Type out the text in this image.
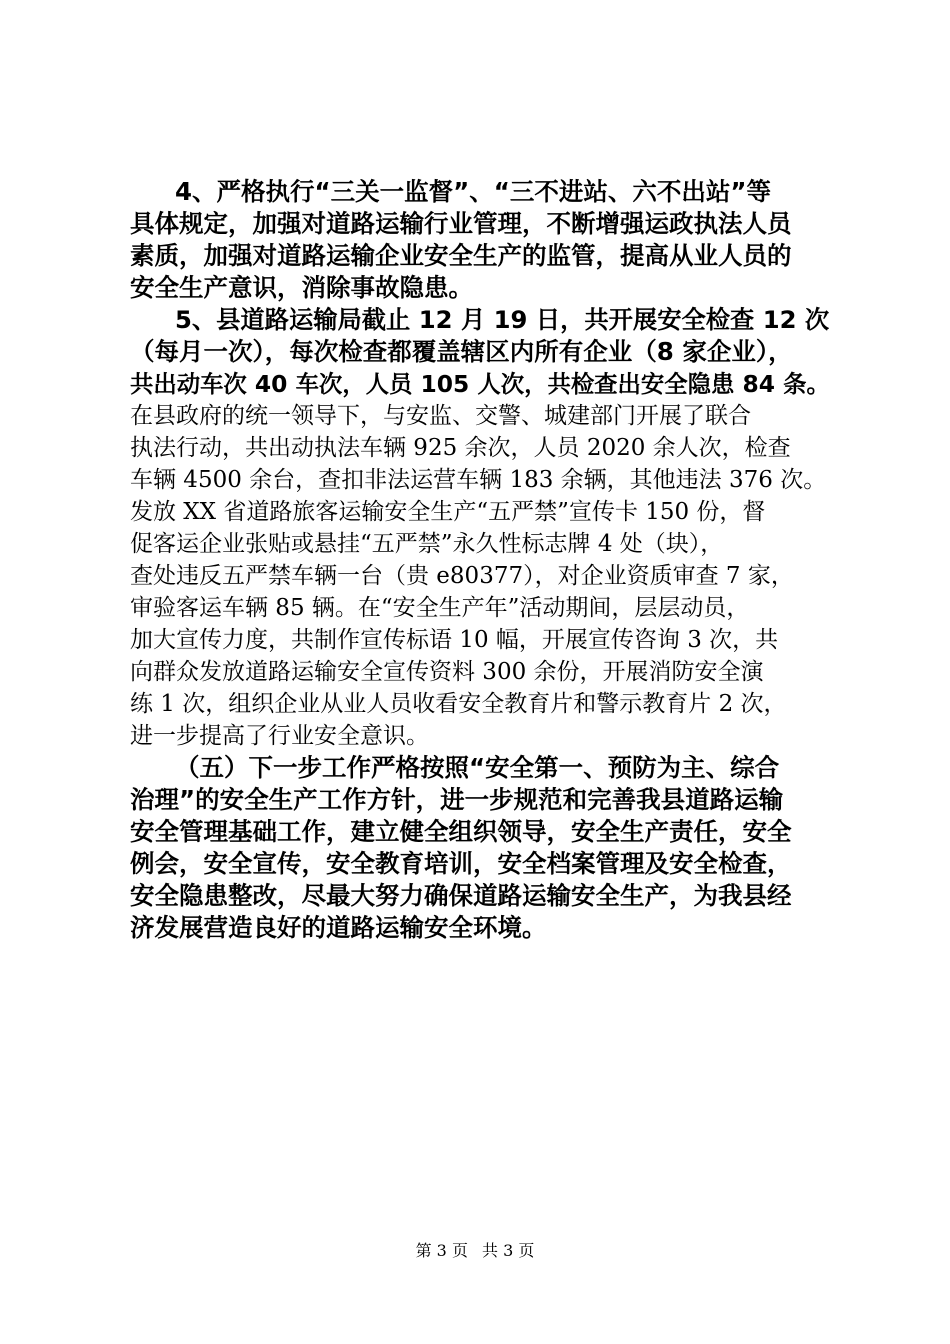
4、严格执行“三关一监督”、“三不进站、六不出站”等
具体规定，加强对道路运输行业管理，不断增强运政执法人员
素质，加强对道路运输企业安全生产的监管，提高从业人员的
安全生产意识，消除事故隐患。
5、县道路运输局截止 12 月 19 日，共开展安全检查 12 次
（每月一次），每次检查都覆盖辖区内所有企业（8 家企业），
共出动车次 40 车次，人员 105 人次，共检查出安全隐患 84 条。
在县政府的统一领导下，与安监、交警、城建部门开展了联合
执法行动，共出动执法车辆 925 余次，人员 2020 余人次，检查
车辆 4500 余台，查扣非法运营车辆 183 余辆，其他违法 376 次。
发放 XX 省道路旅客运输安全生产“五严禁”宣传卡 150 份，督
促客运企业张贴或悬挂“五严禁”永久性标志牌 4 处（块），
查处违反五严禁车辆一台（贵 e80377），对企业资质审查 7 家，
审验客运车辆 85 辆。在“安全生产年”活动期间，层层动员，
加大宣传力度，共制作宣传标语 10 幅，开展宣传咨询 3 次，共
向群众发放道路运输安全宣传资料 300 余份，开展消防安全演
练 1 次，组织企业从业人员收看安全教育片和警示教育片 2 次，
进一步提高了行业安全意识。
（五）下一步工作严格按照“安全第一、预防为主、综合
治理”的安全生产工作方针，进一步规范和完善我县道路运输
安全管理基础工作，建立健全组织领导，安全生产责任，安全
例会，安全宣传，安全教育培训，安全档案管理及安全检查，
安全隐患整改，尽最大努力确保道路运输安全生产，为我县经
济发展营造良好的道路运输安全环境。
第 3 页 共 3 页
